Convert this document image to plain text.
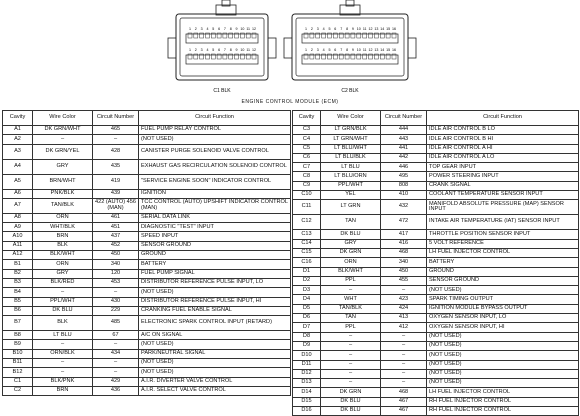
1 2 3 4 5 6 7 8 9 10 11 12
1 2 3 4 5 6 7 8 9 10 11 12
C1 BLK
1 2 3 4 5 6 7 8 9 10 11 12 13 14 15 16
1 2 3 4 5 6 7 8 9 10 11 12 13 14 15 16
C2 BLK
ENGINE CONTROL MODULE (ECM)
Cavity	Wire Color	Circuit Number	Circuit Function
A1	DK GRN/WHT	465	FUEL PUMP RELAY CONTROL
A2	–	–	(NOT USED)
A3	DK GRN/YEL	428	CANISTER PURGE SOLENOID VALVE CONTROL
A4	GRY	435	EXHAUST GAS RECIRCULATION SOLENOID CONTROL
A5	BRN/WHT	419	"SERVICE ENGINE SOON" INDICATOR CONTROL
A6	PNK/BLK	439	IGNITION
A7	TAN/BLK	422 (AUTO) 456 (MAN)	TCC CONTROL (AUTO) UPSHIFT INDICATOR CONTROL (MAN)
A8	ORN	461	SERIAL DATA LINK
A9	WHT/BLK	451	DIAGNOSTIC "TEST" INPUT
A10	BRN	437	SPEED INPUT
A11	BLK	452	SENSOR GROUND
A12	BLK/WHT	450	GROUND
B1	ORN	340	BATTERY
B2	GRY	120	FUEL PUMP SIGNAL
B3	BLK/RED	453	DISTRIBUTOR REFERENCE PULSE INPUT, LO
B4	–	–	(NOT USED)
B5	PPL/WHT	430	DISTRIBUTOR REFERENCE PULSE INPUT, HI
B6	DK BLU	229	CRANKING FUEL ENABLE SIGNAL
B7	BLK	485	ELECTRONIC SPARK CONTROL INPUT (RETARD)
B8	LT BLU	67	A/C ON SIGNAL
B9	–	–	(NOT USED)
B10	ORN/BLK	434	PARK/NEUTRAL SIGNAL
B11	–	–	(NOT USED)
B12	–	–	(NOT USED)
C1	BLK/PNK	429	A.I.R. DIVERTER VALVE CONTROL
C2	BRN	436	A.I.R. SELECT VALVE CONTROL
Cavity	Wire Color	Circuit Number	Circuit Function
C3	LT GRN/BLK	444	IDLE AIR CONTROL B LO
C4	LT GRN/WHT	443	IDLE AIR CONTROL B HI
C5	LT BLU/WHT	441	IDLE AIR CONTROL A HI
C6	LT BLU/BLK	442	IDLE AIR CONTROL A LO
C7	LT BLU	446	TOP GEAR INPUT
C8	LT BLU/ORN	495	POWER STEERING INPUT
C9	PPL/WHT	808	CRANK SIGNAL
C10	YEL	410	COOLANT TEMPERATURE SENSOR INPUT
C11	LT GRN	432	MANIFOLD ABSOLUTE PRESSURE (MAP) SENSOR INPUT
C12	TAN	472	INTAKE AIR TEMPERATURE (IAT) SENSOR INPUT
C13	DK BLU	417	THROTTLE POSITION SENSOR INPUT
C14	GRY	416	5 VOLT REFERENCE
C15	DK GRN	468	LH FUEL INJECTOR CONTROL
C16	ORN	340	BATTERY
D1	BLK/WHT	450	GROUND
D2	PPL	455	SENSOR GROUND
D3	–	–	(NOT USED)
D4	WHT	423	SPARK TIMING OUTPUT
D5	TAN/BLK	424	IGNITION MODULE BYPASS OUTPUT
D6	TAN	413	OXYGEN SENSOR INPUT, LO
D7	PPL	412	OXYGEN SENSOR INPUT, HI
D8	–	–	(NOT USED)
D9	–	–	(NOT USED)
D10	–	–	(NOT USED)
D11	–	–	(NOT USED)
D12	–	–	(NOT USED)
D13	–	–	(NOT USED)
D14	DK GRN	468	LH FUEL INJECTOR CONTROL
D15	DK BLU	467	RH FUEL INJECTOR CONTROL
D16	DK BLU	467	RH FUEL INJECTOR CONTROL
